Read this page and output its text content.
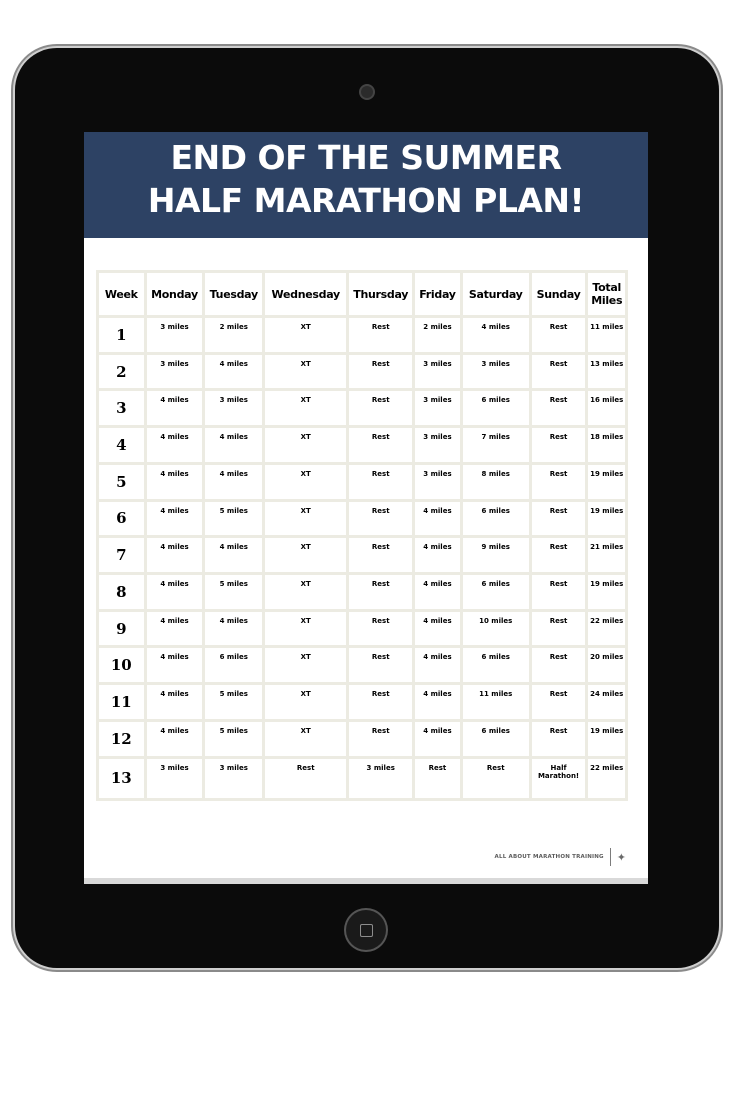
END OF THE SUMMER
HALF MARATHON PLAN!
Week	Monday	Tuesday	Wednesday	Thursday	Friday	Saturday	Sunday	Total Miles
1	3 miles	2 miles	XT	Rest	2 miles	4 miles	Rest	11 miles
2	3 miles	4 miles	XT	Rest	3 miles	3 miles	Rest	13 miles
3	4 miles	3 miles	XT	Rest	3 miles	6 miles	Rest	16 miles
4	4 miles	4 miles	XT	Rest	3 miles	7 miles	Rest	18 miles
5	4 miles	4 miles	XT	Rest	3 miles	8 miles	Rest	19 miles
6	4 miles	5 miles	XT	Rest	4 miles	6 miles	Rest	19 miles
7	4 miles	4 miles	XT	Rest	4 miles	9 miles	Rest	21 miles
8	4 miles	5 miles	XT	Rest	4 miles	6 miles	Rest	19 miles
9	4 miles	4 miles	XT	Rest	4 miles	10 miles	Rest	22 miles
10	4 miles	6 miles	XT	Rest	4 miles	6 miles	Rest	20 miles
11	4 miles	5 miles	XT	Rest	4 miles	11 miles	Rest	24 miles
12	4 miles	5 miles	XT	Rest	4 miles	6 miles	Rest	19 miles
13	3 miles	3 miles	Rest	3 miles	Rest	Rest	Half Marathon!	22 miles
ALL ABOUT MARATHON TRAINING ✦
